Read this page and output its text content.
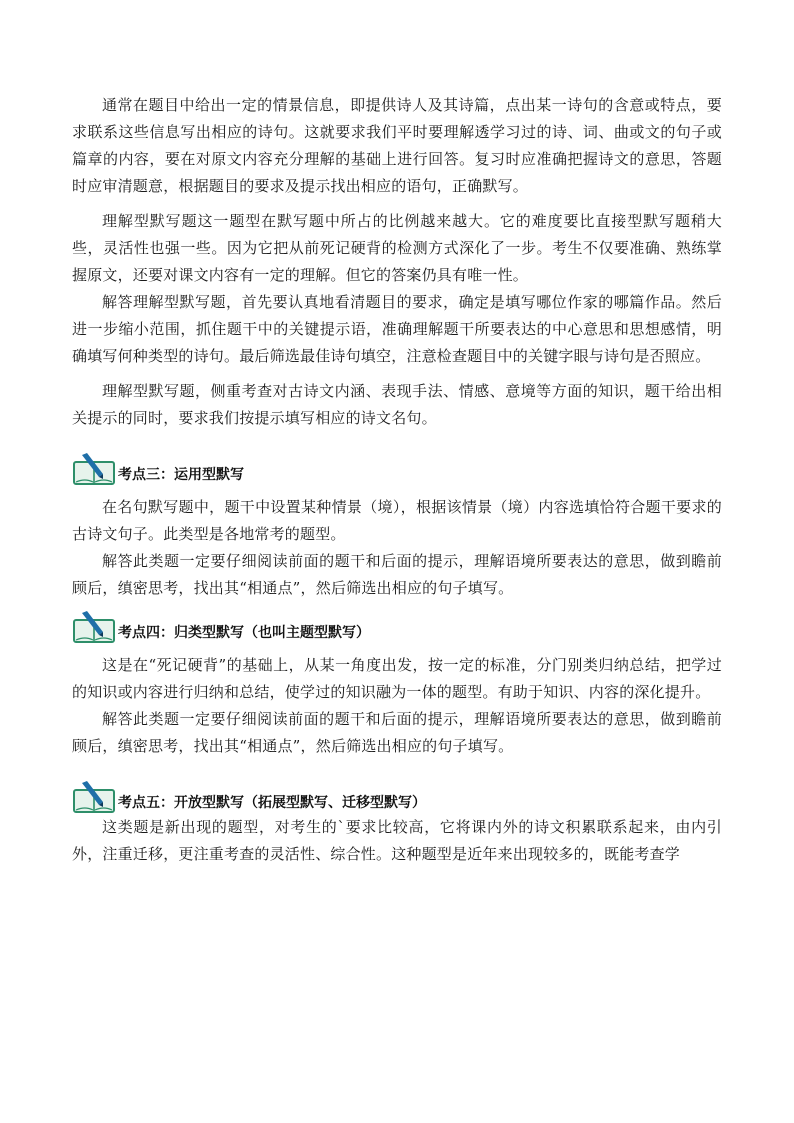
通常在题目中给出一定的情景信息，即提供诗人及其诗篇，点出某一诗句的含意或特点，要求联系这些信息写出相应的诗句。这就要求我们平时要理解透学习过的诗、词、曲或文的句子或篇章的内容，要在对原文内容充分理解的基础上进行回答。复习时应准确把握诗文的意思，答题时应审清题意，根据题目的要求及提示找出相应的语句，正确默写。

理解型默写题这一题型在默写题中所占的比例越来越大。它的难度要比直接型默写题稍大些，灵活性也强一些。因为它把从前死记硬背的检测方式深化了一步。考生不仅要准确、熟练掌握原文，还要对课文内容有一定的理解。但它的答案仍具有唯一性。

解答理解型默写题，首先要认真地看清题目的要求，确定是填写哪位作家的哪篇作品。然后进一步缩小范围，抓住题干中的关键提示语，准确理解题干所要表达的中心意思和思想感情，明确填写何种类型的诗句。最后筛选最佳诗句填空，注意检查题目中的关键字眼与诗句是否照应。

理解型默写题，侧重考查对古诗文内涵、表现手法、情感、意境等方面的知识，题干给出相关提示的同时，要求我们按提示填写相应的诗文名句。

考点三：运用型默写

在名句默写题中，题干中设置某种情景（境），根据该情景（境）内容选填恰符合题干要求的古诗文句子。此类型是各地常考的题型。

解答此类题一定要仔细阅读前面的题干和后面的提示，理解语境所要表达的意思，做到瞻前顾后，缜密思考，找出其“相通点”，然后筛选出相应的句子填写。

考点四：归类型默写（也叫主题型默写）

这是在“死记硬背”的基础上，从某一角度出发，按一定的标准，分门别类归纳总结，把学过的知识或内容进行归纳和总结，使学过的知识融为一体的题型。有助于知识、内容的深化提升。

解答此类题一定要仔细阅读前面的题干和后面的提示，理解语境所要表达的意思，做到瞻前顾后，缜密思考，找出其“相通点”，然后筛选出相应的句子填写。

考点五：开放型默写（拓展型默写、迁移型默写）

这类题是新出现的题型，对考生的`要求比较高，它将课内外的诗文积累联系起来，由内引外，注重迁移，更注重考查的灵活性、综合性。这种题型是近年来出现较多的，既能考查学
